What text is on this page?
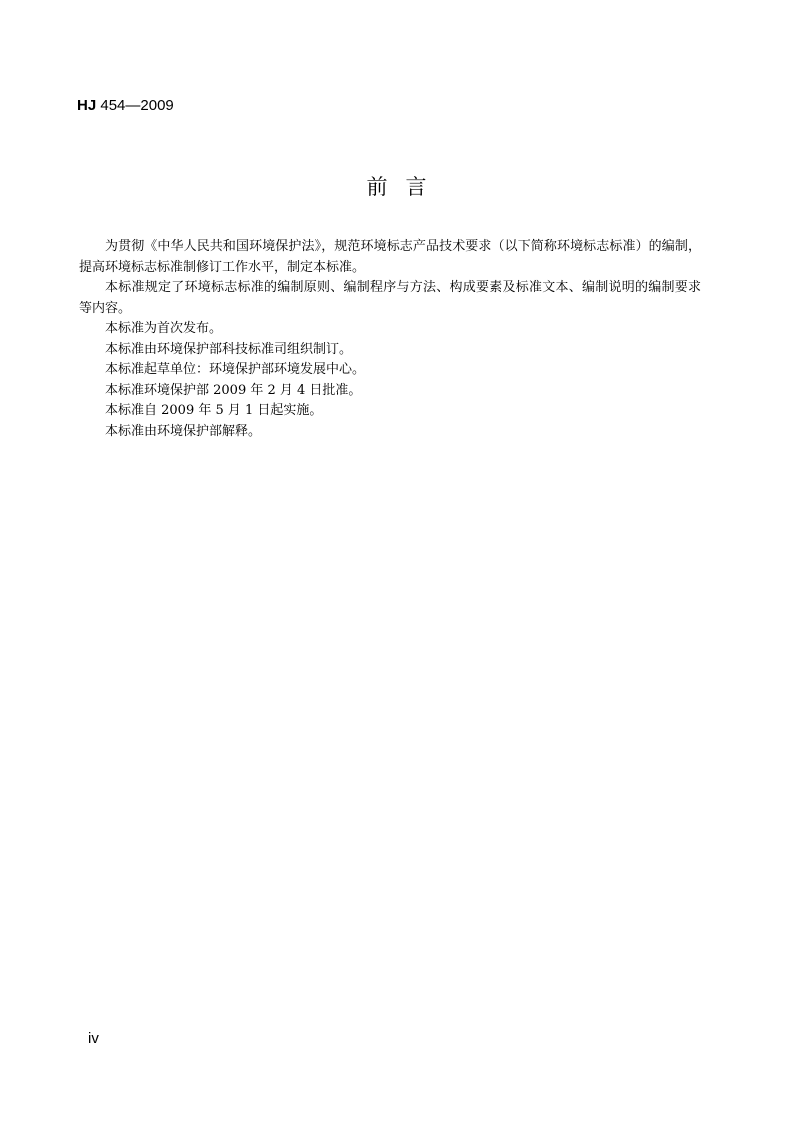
HJ 454—2009
前言

为贯彻《中华人民共和国环境保护法》，规范环境标志产品技术要求（以下简称环境标志标准）的编制，提高环境标志标准制修订工作水平，制定本标准。

本标准规定了环境标志标准的编制原则、编制程序与方法、构成要素及标准文本、编制说明的编制要求等内容。

本标准为首次发布。

本标准由环境保护部科技标准司组织制订。

本标准起草单位：环境保护部环境发展中心。

本标准环境保护部 2009 年 2 月 4 日批准。

本标准自 2009 年 5 月 1 日起实施。

本标准由环境保护部解释。

iv
